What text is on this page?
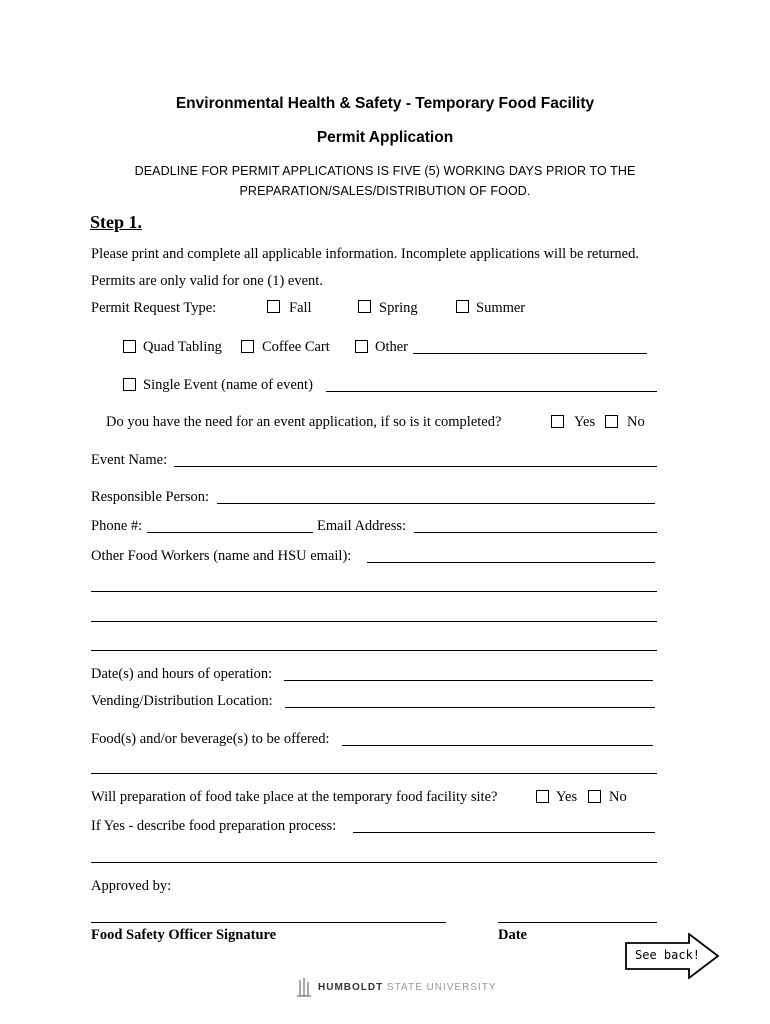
Environmental Health & Safety - Temporary Food Facility
Permit Application
DEADLINE FOR PERMIT APPLICATIONS IS FIVE (5) WORKING DAYS PRIOR TO THE
PREPARATION/SALES/DISTRIBUTION OF FOOD.
Step 1.
Please print and complete all applicable information. Incomplete applications will be returned.
Permits are only valid for one (1) event.
Permit Request Type:	Fall	Spring	Summer
Quad Tabling	Coffee Cart	Other
Single Event (name of event)
Do you have the need for an event application, if so is it completed?	Yes No
Event Name:
Responsible Person:
Phone #:	Email Address:
Other Food Workers (name and HSU email):
Date(s) and hours of operation:
Vending/Distribution Location:
Food(s) and/or beverage(s) to be offered:
Will preparation of food take place at the temporary food facility site?	Yes No
If Yes - describe food preparation process:
Approved by:
Food Safety Officer Signature	Date
See back!
HUMBOLDT STATE UNIVERSITY
